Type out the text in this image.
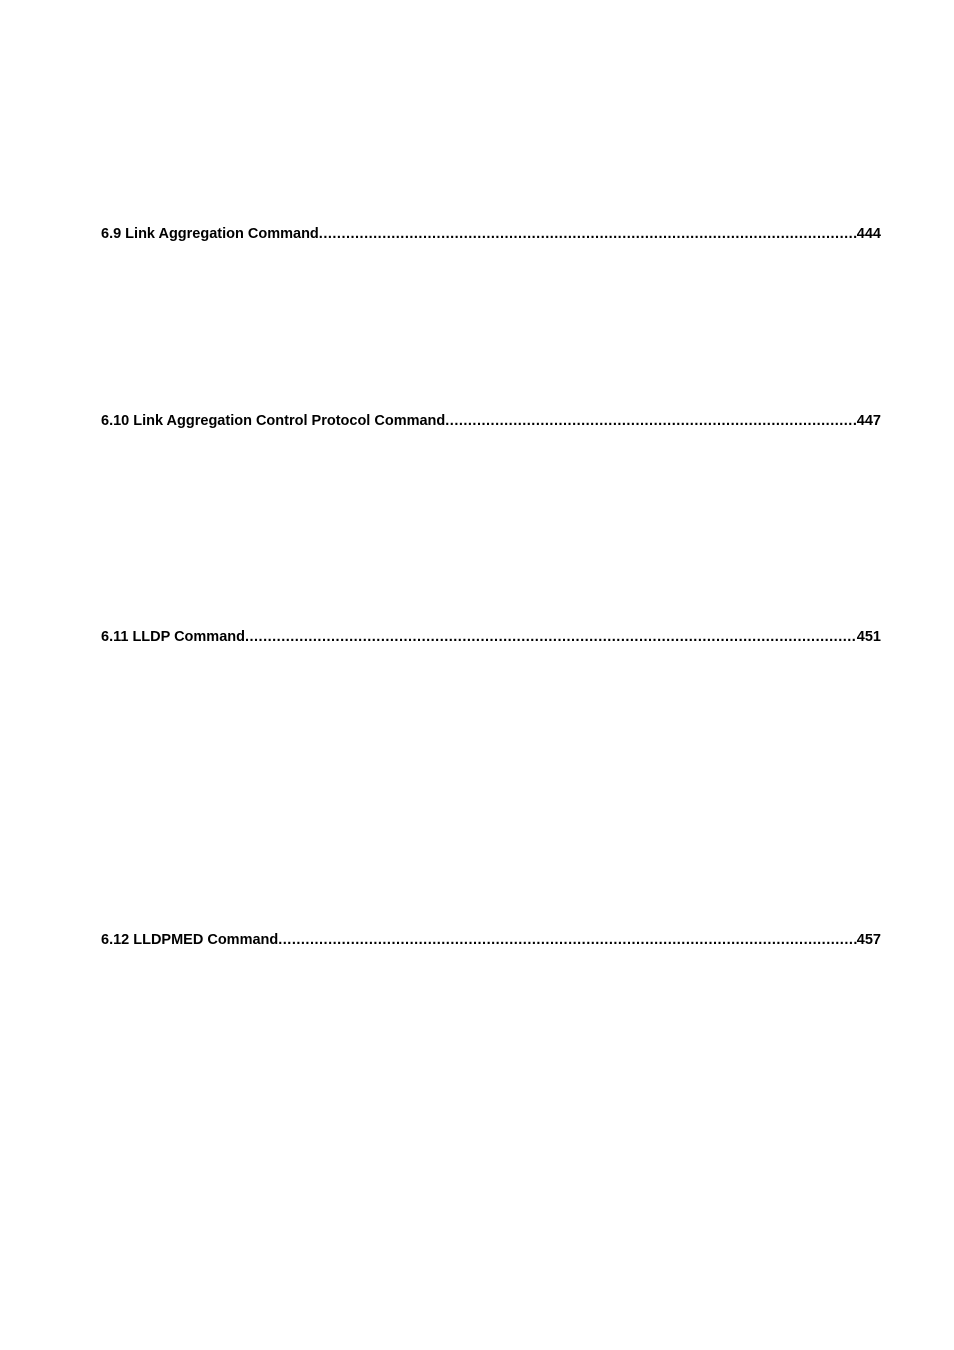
6.9 Link Aggregation Command .....	444
6.10 Link Aggregation Control Protocol Command .....	447
6.11 LLDP Command .....	451
6.12 LLDPMED Command .....	457
